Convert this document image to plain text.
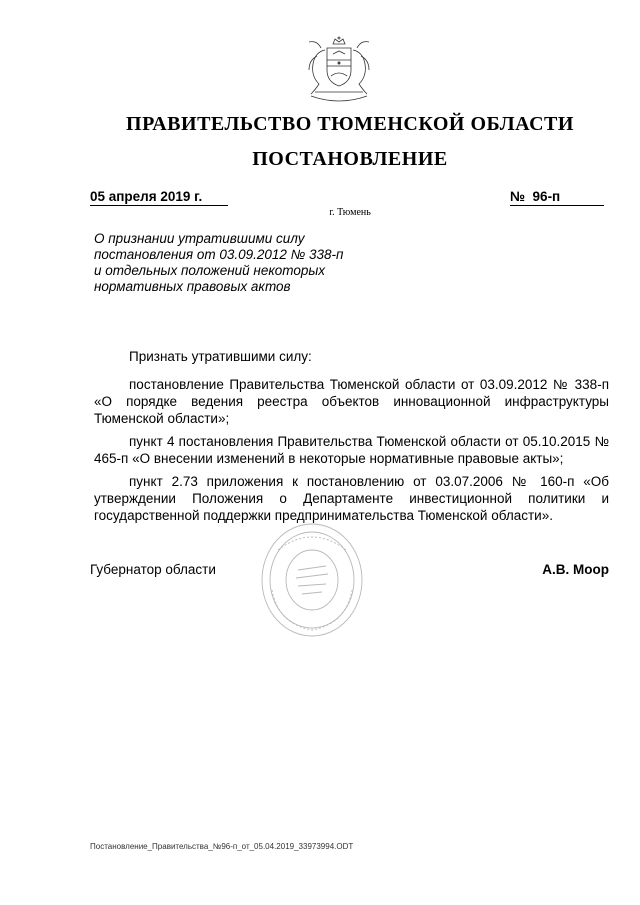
ПРАВИТЕЛЬСТВО ТЮМЕНСКОЙ ОБЛАСТИ
ПОСТАНОВЛЕНИЕ
05 апреля 2019 г.	№  96-п
г. Тюмень
О признании утратившими силу
постановления от 03.09.2012 № 338-п
и отдельных положений некоторых
нормативных правовых актов

Признать утратившими силу:

постановление Правительства Тюменской области от 03.09.2012 № 338-п «О порядке ведения реестра объектов инновационной инфраструктуры Тюменской области»;

пункт 4 постановления Правительства Тюменской области от 05.10.2015 № 465-п «О внесении изменений в некоторые нормативные правовые акты»;

пункт 2.73 приложения к постановлению от 03.07.2006 № 160-п «Об утверждении Положения о Департаменте инвестиционной политики и государственной поддержки предпринимательства Тюменской области».

Губернатор области	А.В. Моор
Постановление_Правительства_№96-п_от_05.04.2019_33973994.ODT
